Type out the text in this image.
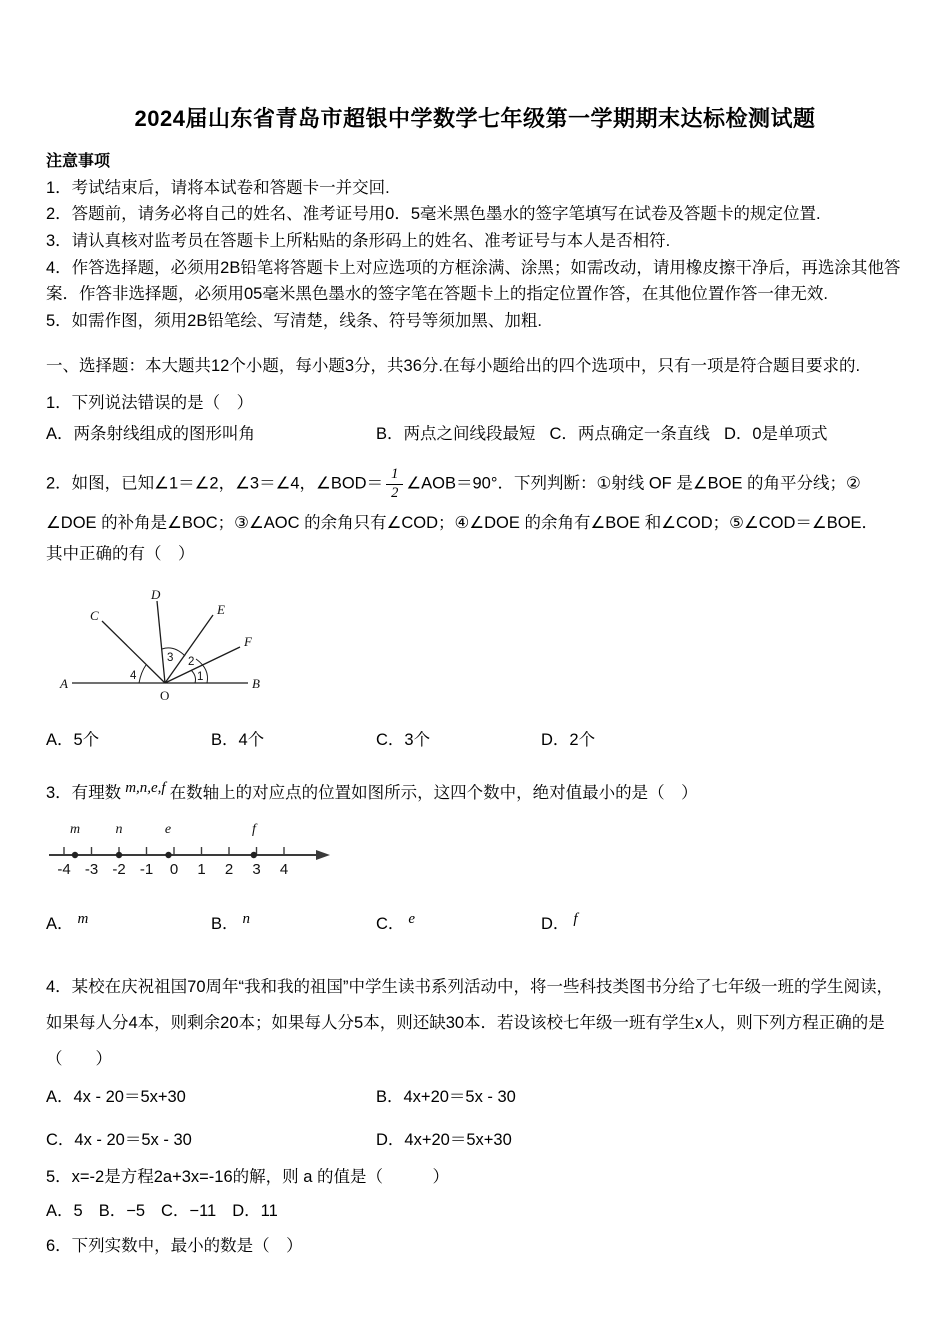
2024届山东省青岛市超银中学数学七年级第一学期期末达标检测试题
注意事项

1．考试结束后，请将本试卷和答题卡一并交回.

2．答题前，请务必将自己的姓名、准考证号用0．5毫米黑色墨水的签字笔填写在试卷及答题卡的规定位置.

3．请认真核对监考员在答题卡上所粘贴的条形码上的姓名、准考证号与本人是否相符.

4．作答选择题，必须用2B铅笔将答题卡上对应选项的方框涂满、涂黑；如需改动，请用橡皮擦干净后，再选涂其他答案．作答非选择题，必须用05毫米黑色墨水的签字笔在答题卡上的指定位置作答，在其他位置作答一律无效.

5．如需作图，须用2B铅笔绘、写清楚，线条、符号等须加黑、加粗.

一、选择题：本大题共12个小题，每小题3分，共36分.在每小题给出的四个选项中，只有一项是符合题目要求的.

1．下列说法错误的是（　）

A．两条射线组成的图形叫角	B．两点之间线段最短 C．两点确定一条直线 D．0是单项式

2．如图，已知∠1＝∠2，∠3＝∠4，∠BOD＝ $\frac{1}{2}$ ∠AOB＝90°．下列判断：①射线 OF 是∠BOE 的角平分线；②

∠DOE 的补角是∠BOC；③∠AOC 的余角只有∠COD；④∠DOE 的余角有∠BOE 和∠COD；⑤∠COD＝∠BOE．

其中正确的有（　）

A	B
C
D
E
F
O
4
3 2
1
A．5个	B．4个	C．3个	D．2个

3．有理数 m,n,e,f 在数轴上的对应点的位置如图所示，这四个数中，绝对值最小的是（　）

m	n	e	f
-4 -3 -2 -1 0 1 2 3 4
A． m	B． n	C． e	D． f

4．某校在庆祝祖国70周年“我和我的祖国”中学生读书系列活动中，将一些科技类图书分给了七年级一班的学生阅读，如果每人分4本，则剩余20本；如果每人分5本，则还缺30本．若设该校七年级一班有学生x人，则下列方程正确的是（　　）

A．4x - 20＝5x+30	B．4x+20＝5x - 30
C．4x - 20＝5x - 30	D．4x+20＝5x+30

5．x=-2是方程2a+3x=-16的解，则 a 的值是（　　　）

A．5 B．−5 C．−11 D．11

6．下列实数中，最小的数是（　）
